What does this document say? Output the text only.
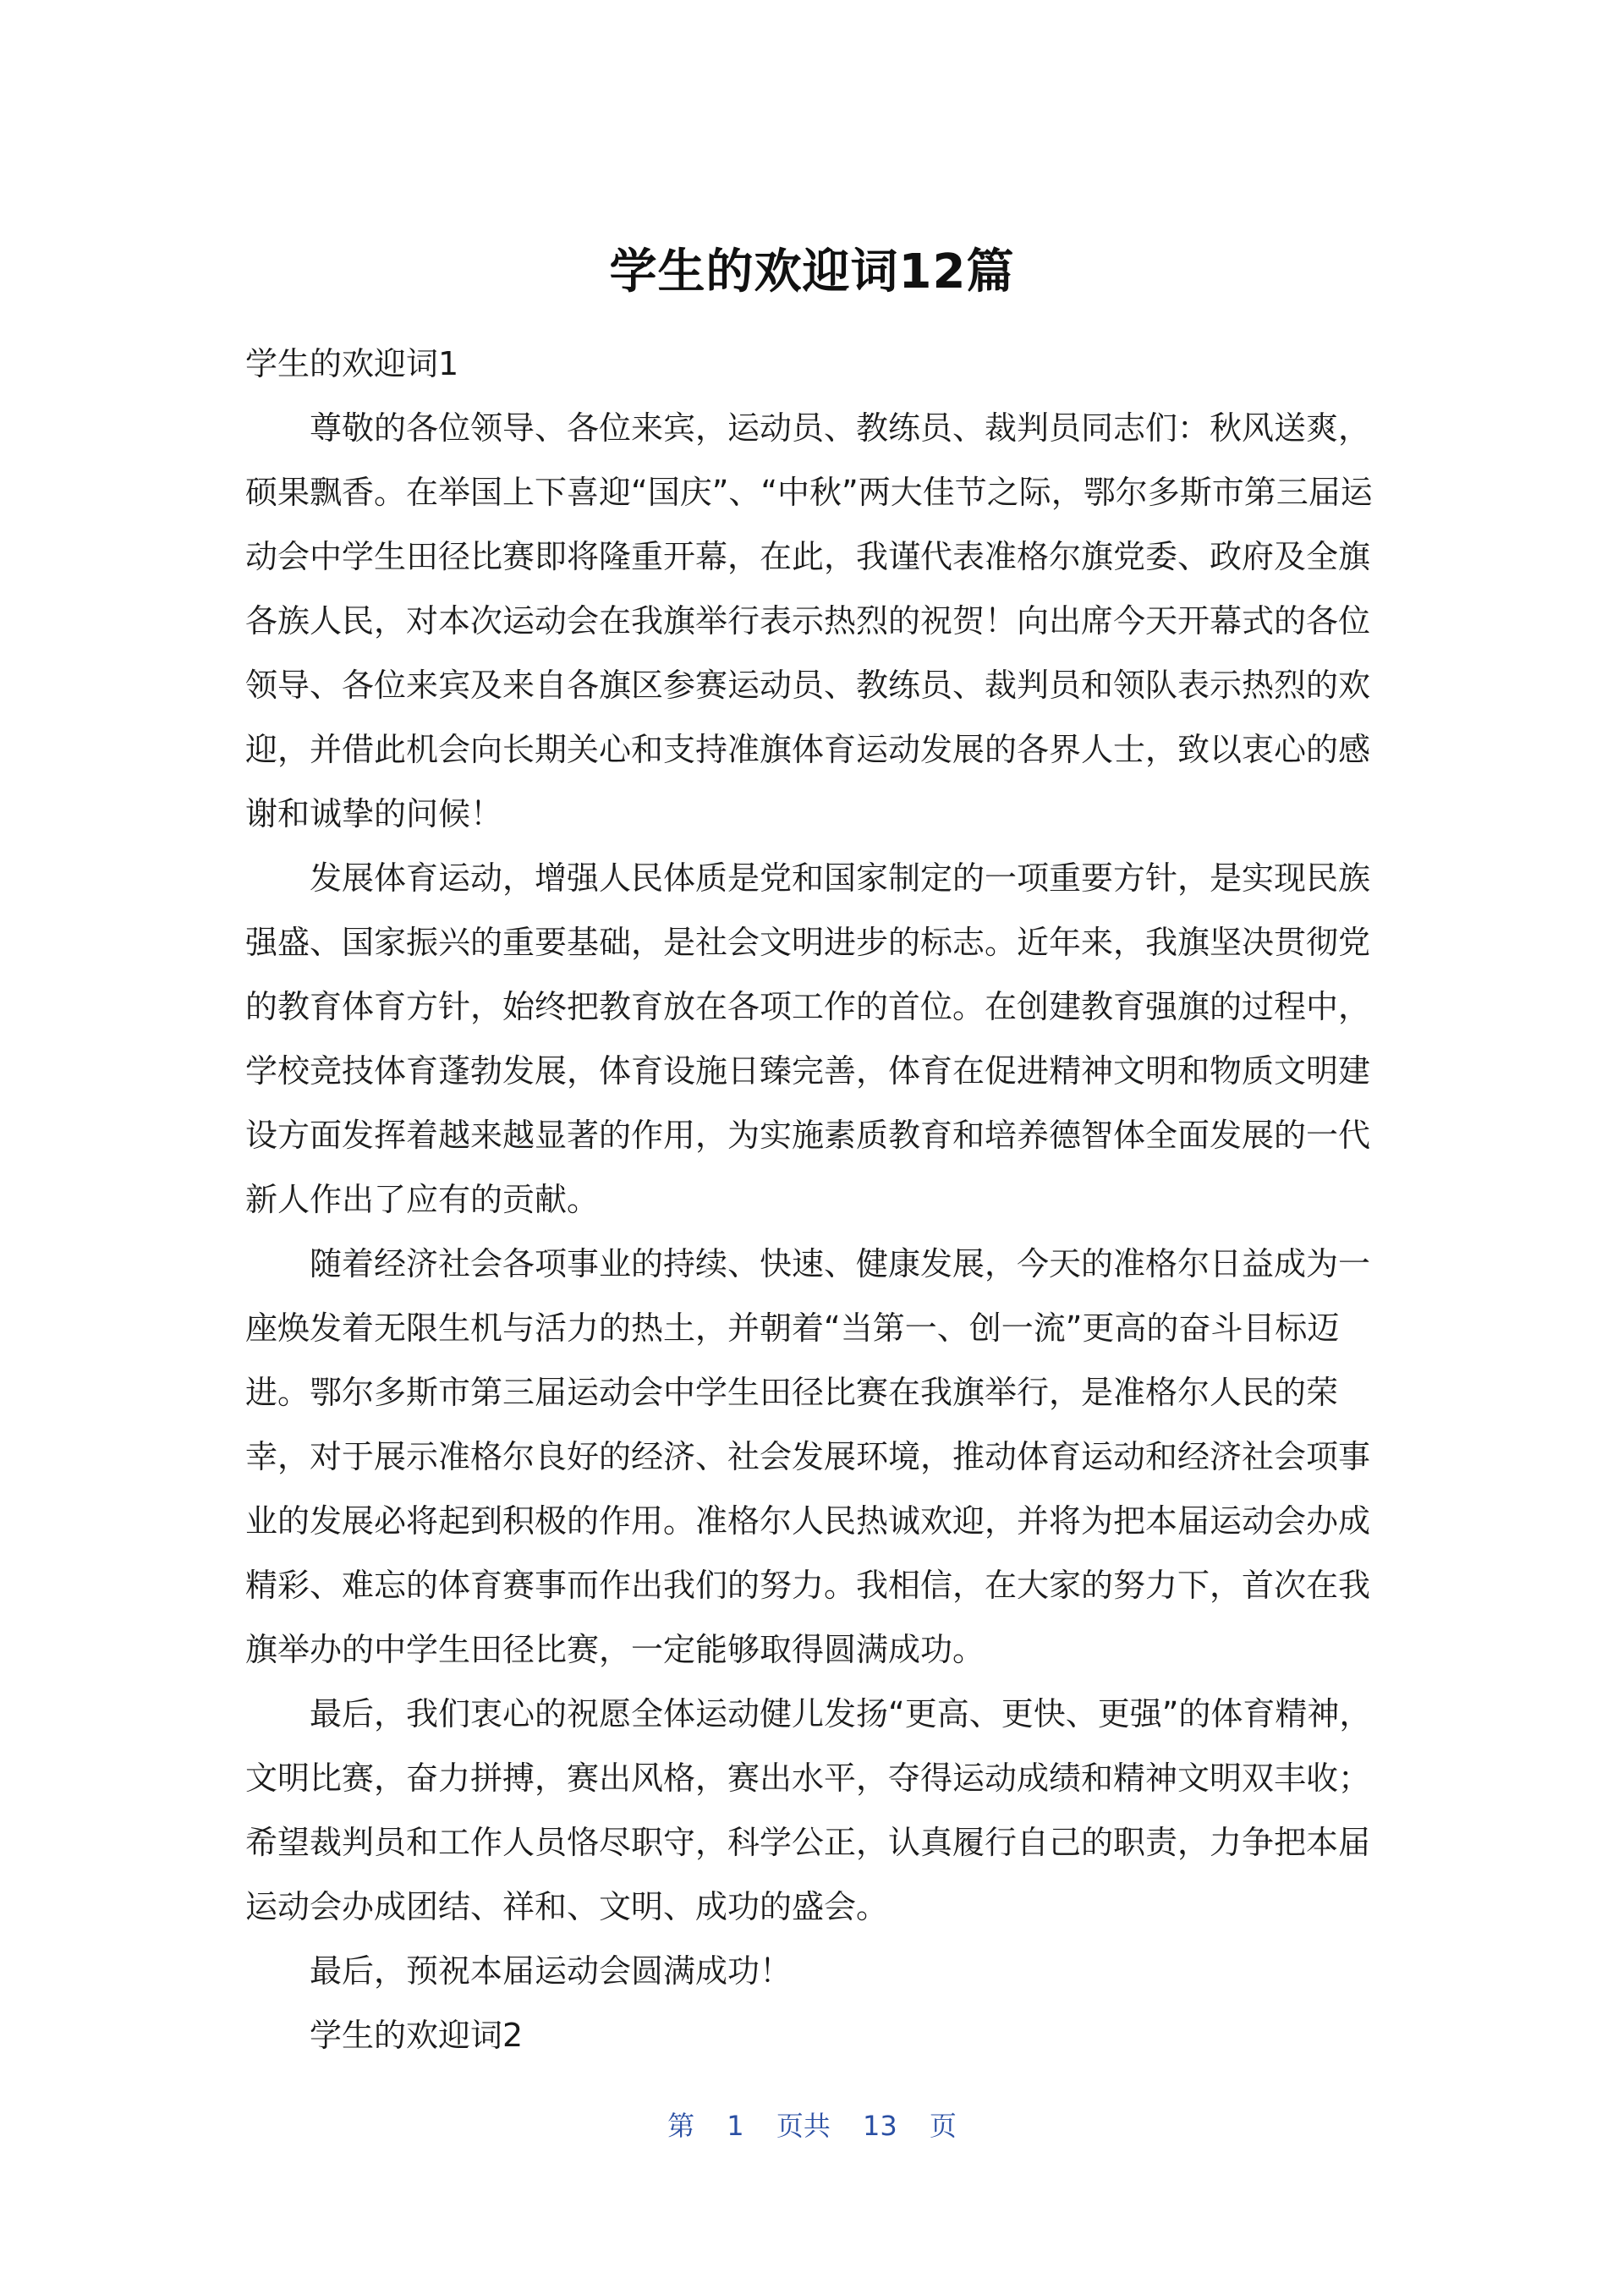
学生的欢迎词12篇

学生的欢迎词1

尊敬的各位领导、各位来宾，运动员、教练员、裁判员同志们：秋风送爽，硕果飘香。在举国上下喜迎“国庆”、“中秋”两大佳节之际，鄂尔多斯市第三届运动会中学生田径比赛即将隆重开幕，在此，我谨代表准格尔旗党委、政府及全旗各族人民，对本次运动会在我旗举行表示热烈的祝贺！向出席今天开幕式的各位领导、各位来宾及来自各旗区参赛运动员、教练员、裁判员和领队表示热烈的欢迎，并借此机会向长期关心和支持准旗体育运动发展的各界人士，致以衷心的感谢和诚挚的问候！

发展体育运动，增强人民体质是党和国家制定的一项重要方针，是实现民族强盛、国家振兴的重要基础，是社会文明进步的标志。近年来，我旗坚决贯彻党的教育体育方针，始终把教育放在各项工作的首位。在创建教育强旗的过程中，学校竞技体育蓬勃发展，体育设施日臻完善，体育在促进精神文明和物质文明建设方面发挥着越来越显著的作用，为实施素质教育和培养德智体全面发展的一代新人作出了应有的贡献。

随着经济社会各项事业的持续、快速、健康发展，今天的准格尔日益成为一座焕发着无限生机与活力的热土，并朝着“当第一、创一流”更高的奋斗目标迈进。鄂尔多斯市第三届运动会中学生田径比赛在我旗举行，是准格尔人民的荣幸，对于展示准格尔良好的经济、社会发展环境，推动体育运动和经济社会项事业的发展必将起到积极的作用。准格尔人民热诚欢迎，并将为把本届运动会办成精彩、难忘的体育赛事而作出我们的努力。我相信，在大家的努力下，首次在我旗举办的中学生田径比赛，一定能够取得圆满成功。

最后，我们衷心的祝愿全体运动健儿发扬“更高、更快、更强”的体育精神，文明比赛，奋力拼搏，赛出风格，赛出水平，夺得运动成绩和精神文明双丰收；希望裁判员和工作人员恪尽职守，科学公正，认真履行自己的职责，力争把本届运动会办成团结、祥和、文明、成功的盛会。

最后，预祝本届运动会圆满成功！

学生的欢迎词2

第 1 页共 13 页
